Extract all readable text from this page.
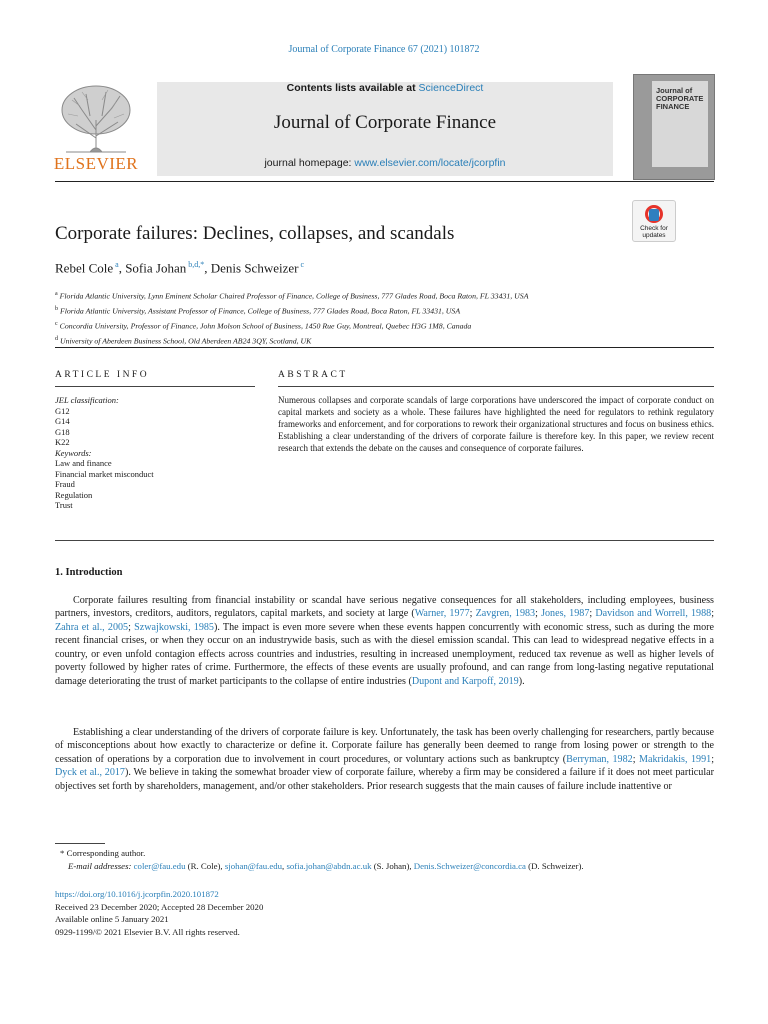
Journal of Corporate Finance 67 (2021) 101872
ELSEVIER
Contents lists available at ScienceDirect
Journal of Corporate Finance
journal homepage: www.elsevier.com/locate/jcorpfin
Journal of CORPORATE FINANCE
Corporate failures: Declines, collapses, and scandals	Check for updates
Rebel Cole $^a$, Sofia Johan $^{b,d,*}$, Denis Schweizer $^c$
$^a$ Florida Atlantic University, Lynn Eminent Scholar Chaired Professor of Finance, College of Business, 777 Glades Road, Boca Raton, FL 33431, USA
$^b$ Florida Atlantic University, Assistant Professor of Finance, College of Business, 777 Glades Road, Boca Raton, FL 33431, USA
$^c$ Concordia University, Professor of Finance, John Molson School of Business, 1450 Rue Guy, Montreal, Quebec H3G 1M8, Canada
$^d$ University of Aberdeen Business School, Old Aberdeen AB24 3QY, Scotland, UK
ARTICLE INFO	ABSTRACT
JEL classification:
G12
G14
G18
K22
Keywords:
Law and finance
Financial market misconduct
Fraud
Regulation
Trust
Numerous collapses and corporate scandals of large corporations have underscored the impact of corporate conduct on capital markets and society as a whole. These failures have highlighted the need for regulators to rethink regulatory frameworks and enforcement, and for corporations to rework their organizational structures and focus on business ethics. Establishing a clear understanding of the drivers of corporate failure is therefore key. In this paper, we review recent research that extends the debate on the causes and consequence of corporate failures.
1. Introduction

Corporate failures resulting from financial instability or scandal have serious negative consequences for all stakeholders, including employees, business partners, investors, creditors, auditors, regulators, capital markets, and society at large (Warner, 1977; Zavgren, 1983; Jones, 1987; Davidson and Worrell, 1988; Zahra et al., 2005; Szwajkowski, 1985). The impact is even more severe when these events happen concurrently with economic stress, such as during the more recent financial crises, or when they occur on an industrywide basis, such as with the diesel emission scandal. This can lead to widespread negative effects in a country, or even unfold contagion effects across countries and industries, resulting in increased unemployment, reduced tax revenue as well as higher levels of poverty followed by higher rates of crime. Furthermore, the effects of these events are usually profound, and can range from long-lasting negative reputational damage deteriorating the trust of market participants to the collapse of entire industries (Dupont and Karpoff, 2019).

Establishing a clear understanding of the drivers of corporate failure is key. Unfortunately, the task has been overly challenging for researchers, partly because of misconceptions about how exactly to characterize or define it. Corporate failure has generally been deemed to range from losing power or strength to the cessation of operations by a corporation due to involvement in court procedures, or voluntary actions such as bankruptcy (Berryman, 1982; Makridakis, 1991; Dyck et al., 2017). We believe in taking the somewhat broader view of corporate failure, whereby a firm may be considered a failure if it does not meet particular objectives set forth by shareholders, management, and/or other stakeholders. Prior research suggests that the main causes of failure include inattentive or

* Corresponding author.
E-mail addresses: coler@fau.edu (R. Cole), sjohan@fau.edu, sofia.johan@abdn.ac.uk (S. Johan), Denis.Schweizer@concordia.ca (D. Schweizer).
https://doi.org/10.1016/j.jcorpfin.2020.101872
Received 23 December 2020; Accepted 28 December 2020
Available online 5 January 2021
0929-1199/© 2021 Elsevier B.V. All rights reserved.
